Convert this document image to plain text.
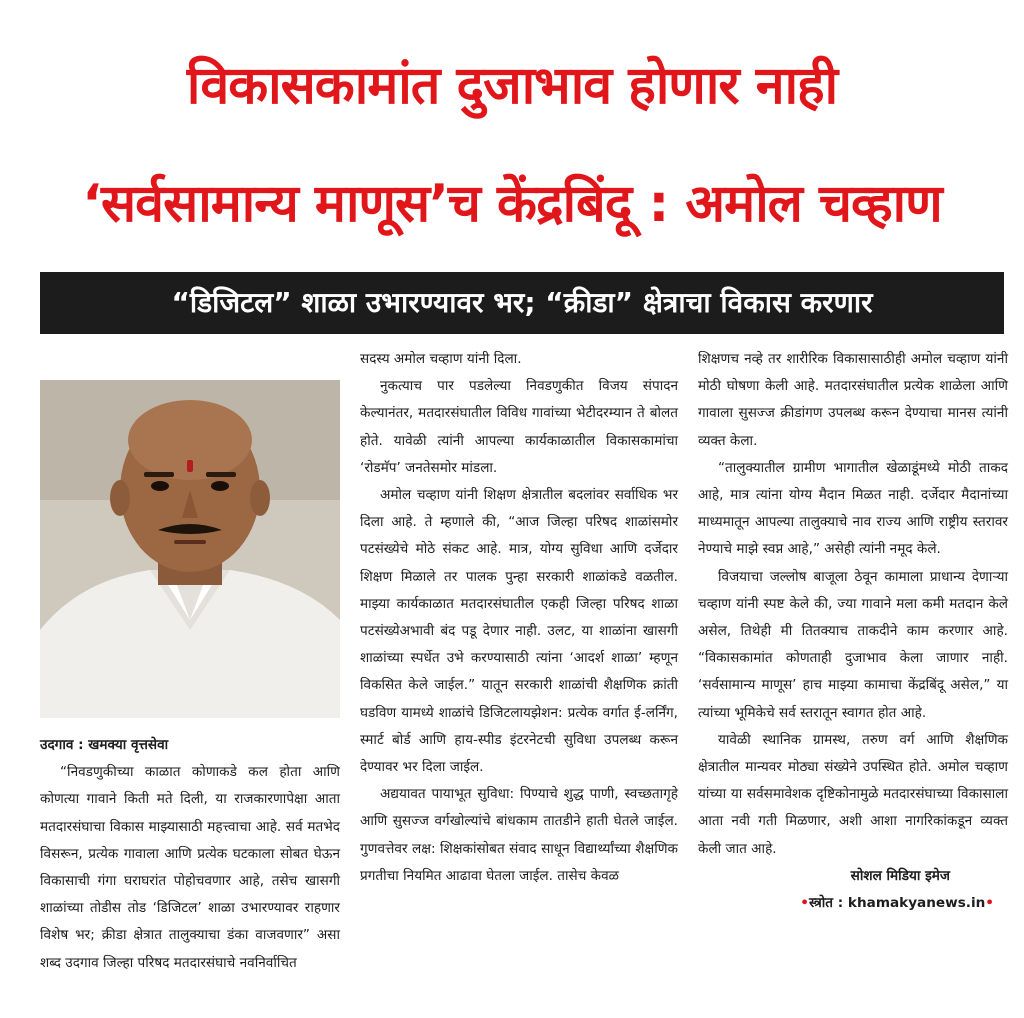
विकासकामांत दुजाभाव होणार नाही
‘सर्वसामान्य माणूस’च केंद्रबिंदू : अमोल चव्हाण
“डिजिटल” शाळा उभारण्यावर भर; “क्रीडा” क्षेत्राचा विकास करणार

उदगाव : खमक्या वृत्तसेवा

“निवडणुकीच्या काळात कोणाकडे कल होता आणि कोणत्या गावाने किती मते दिली, या राजकारणापेक्षा आता मतदारसंघाचा विकास माझ्यासाठी महत्त्वाचा आहे. सर्व मतभेद विसरून, प्रत्येक गावाला आणि प्रत्येक घटकाला सोबत घेऊन विकासाची गंगा घराघरांत पोहोचवणार आहे, तसेच खासगी शाळांच्या तोडीस तोड ‘डिजिटल’ शाळा उभारण्यावर राहणार विशेष भर; क्रीडा क्षेत्रात तालुक्याचा डंका वाजवणार” असा शब्द उदगाव जिल्हा परिषद मतदारसंघाचे नवनिर्वाचित

सदस्य अमोल चव्हाण यांनी दिला.

नुकत्याच पार पडलेल्या निवडणुकीत विजय संपादन केल्यानंतर, मतदारसंघातील विविध गावांच्या भेटीदरम्यान ते बोलत होते. यावेळी त्यांनी आपल्या कार्यकाळातील विकासकामांचा ‘रोडमॅप’ जनतेसमोर मांडला.

अमोल चव्हाण यांनी शिक्षण क्षेत्रातील बदलांवर सर्वाधिक भर दिला आहे. ते म्हणाले की, “आज जिल्हा परिषद शाळांसमोर पटसंख्येचे मोठे संकट आहे. मात्र, योग्य सुविधा आणि दर्जेदार शिक्षण मिळाले तर पालक पुन्हा सरकारी शाळांकडे वळतील. माझ्या कार्यकाळात मतदारसंघातील एकही जिल्हा परिषद शाळा पटसंख्येअभावी बंद पडू देणार नाही. उलट, या शाळांना खासगी शाळांच्या स्पर्धेत उभे करण्यासाठी त्यांना ‘आदर्श शाळा’ म्हणून विकसित केले जाईल.” यातून सरकारी शाळांची शैक्षणिक क्रांती घडविण यामध्ये शाळांचे डिजिटलायझेशन: प्रत्येक वर्गात ई-लर्निंग, स्मार्ट बोर्ड आणि हाय-स्पीड इंटरनेटची सुविधा उपलब्ध करून देण्यावर भर दिला जाईल.

अद्ययावत पायाभूत सुविधा: पिण्याचे शुद्ध पाणी, स्वच्छतागृहे आणि सुसज्ज वर्गखोल्यांचे बांधकाम तातडीने हाती घेतले जाईल. गुणवत्तेवर लक्ष: शिक्षकांसोबत संवाद साधून विद्यार्थ्यांच्या शैक्षणिक प्रगतीचा नियमित आढावा घेतला जाईल. तासेच केवळ

शिक्षणच नव्हे तर शारीरिक विकासासाठीही अमोल चव्हाण यांनी मोठी घोषणा केली आहे. मतदारसंघातील प्रत्येक शाळेला आणि गावाला सुसज्ज क्रीडांगण उपलब्ध करून देण्याचा मानस त्यांनी व्यक्त केला.

“तालुक्यातील ग्रामीण भागातील खेळाडूंमध्ये मोठी ताकद आहे, मात्र त्यांना योग्य मैदान मिळत नाही. दर्जेदार मैदानांच्या माध्यमातून आपल्या तालुक्याचे नाव राज्य आणि राष्ट्रीय स्तरावर नेण्याचे माझे स्वप्न आहे,” असेही त्यांनी नमूद केले.

विजयाचा जल्लोष बाजूला ठेवून कामाला प्राधान्य देणाऱ्या चव्हाण यांनी स्पष्ट केले की, ज्या गावाने मला कमी मतदान केले असेल, तिथेही मी तितक्याच ताकदीने काम करणार आहे. “विकासकामांत कोणताही दुजाभाव केला जाणार नाही. ‘सर्वसामान्य माणूस’ हाच माझ्या कामाचा केंद्रबिंदू असेल,” या त्यांच्या भूमिकेचे सर्व स्तरातून स्वागत होत आहे.

यावेळी स्थानिक ग्रामस्थ, तरुण वर्ग आणि शैक्षणिक क्षेत्रातील मान्यवर मोठ्या संख्येने उपस्थित होते. अमोल चव्हाण यांच्या या सर्वसमावेशक दृष्टिकोनामुळे मतदारसंघाच्या विकासाला आता नवी गती मिळणार, अशी आशा नागरिकांकडून व्यक्त केली जात आहे.

सोशल मिडिया इमेज

•स्त्रोत : khamakyanews.in•
